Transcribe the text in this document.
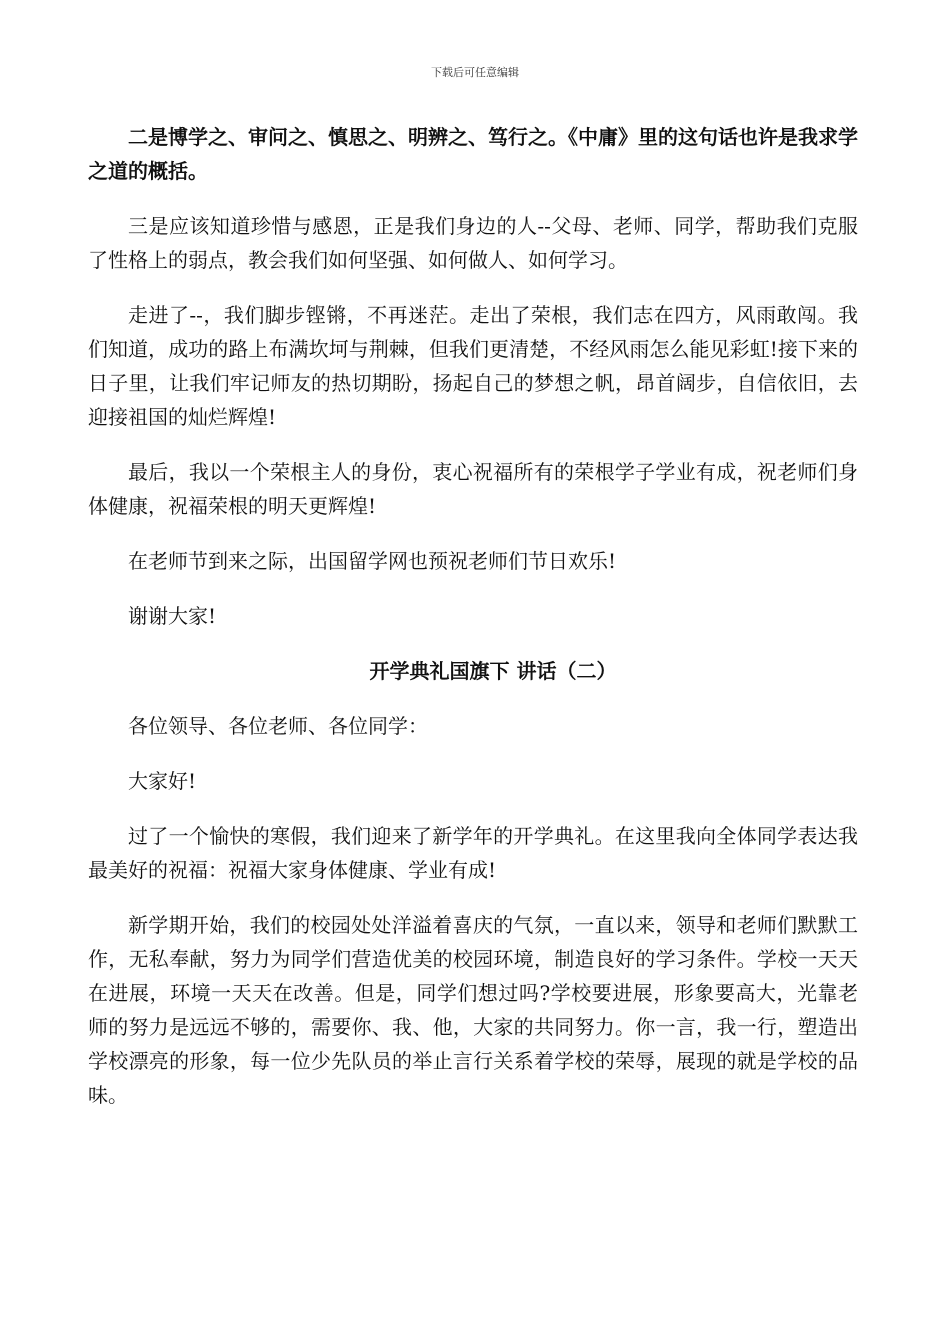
下载后可任意编辑

二是博学之、审问之、慎思之、明辨之、笃行之。《中庸》里的这句话也许是我求学之道的概括。

三是应该知道珍惜与感恩，正是我们身边的人--父母、老师、同学，帮助我们克服了性格上的弱点，教会我们如何坚强、如何做人、如何学习。

走进了--，我们脚步铿锵，不再迷茫。走出了荣根，我们志在四方，风雨敢闯。我们知道，成功的路上布满坎坷与荆棘，但我们更清楚，不经风雨怎么能见彩虹!接下来的日子里，让我们牢记师友的热切期盼，扬起自己的梦想之帆，昂首阔步，自信依旧，去迎接祖国的灿烂辉煌!

最后，我以一个荣根主人的身份，衷心祝福所有的荣根学子学业有成，祝老师们身体健康，祝福荣根的明天更辉煌!

在老师节到来之际，出国留学网也预祝老师们节日欢乐!

谢谢大家!

开学典礼国旗下 讲话（二）

各位领导、各位老师、各位同学：

大家好!

过了一个愉快的寒假，我们迎来了新学年的开学典礼。在这里我向全体同学表达我最美好的祝福：祝福大家身体健康、学业有成!

新学期开始，我们的校园处处洋溢着喜庆的气氛，一直以来，领导和老师们默默工作，无私奉献，努力为同学们营造优美的校园环境，制造良好的学习条件。学校一天天在进展，环境一天天在改善。但是，同学们想过吗?学校要进展，形象要高大，光靠老师的努力是远远不够的，需要你、我、他，大家的共同努力。你一言，我一行，塑造出学校漂亮的形象，每一位少先队员的举止言行关系着学校的荣辱，展现的就是学校的品味。
